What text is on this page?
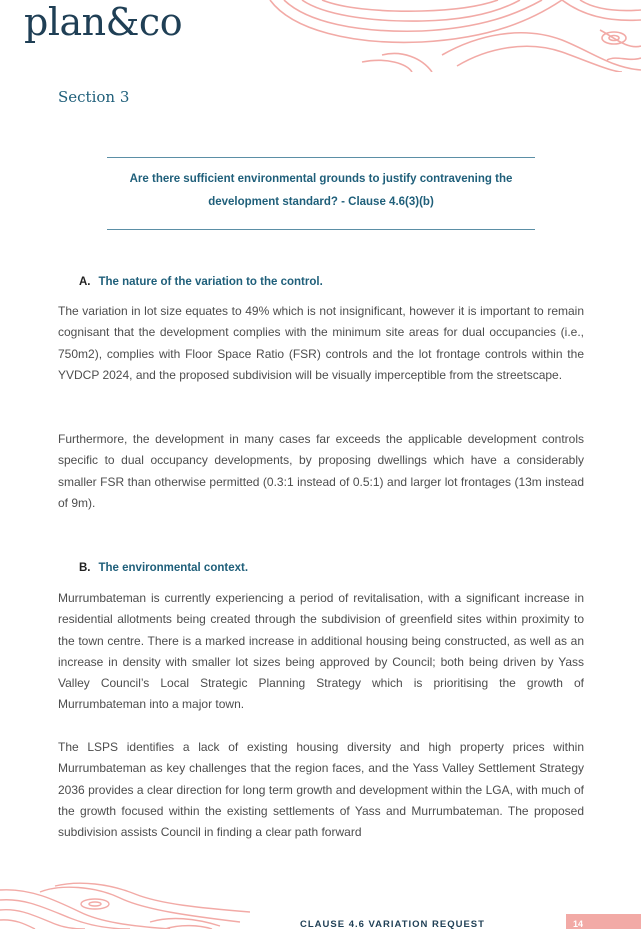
plan&co
Section 3
Are there sufficient environmental grounds to justify contravening the
development standard? - Clause 4.6(3)(b)
A. The nature of the variation to the control.
The variation in lot size equates to 49% which is not insignificant, however it is important to remain cognisant that the development complies with the minimum site areas for dual occupancies (i.e., 750m2), complies with Floor Space Ratio (FSR) controls and the lot frontage controls within the YVDCP 2024, and the proposed subdivision will be visually imperceptible from the streetscape.
Furthermore, the development in many cases far exceeds the applicable development controls specific to dual occupancy developments, by proposing dwellings which have a considerably smaller FSR than otherwise permitted (0.3:1 instead of 0.5:1) and larger lot frontages (13m instead of 9m).
B. The environmental context.
Murrumbateman is currently experiencing a period of revitalisation, with a significant increase in residential allotments being created through the subdivision of greenfield sites within proximity to the town centre. There is a marked increase in additional housing being constructed, as well as an increase in density with smaller lot sizes being approved by Council; both being driven by Yass Valley Council’s Local Strategic Planning Strategy which is prioritising the growth of Murrumbateman into a major town.
The LSPS identifies a lack of existing housing diversity and high property prices within Murrumbateman as key challenges that the region faces, and the Yass Valley Settlement Strategy 2036 provides a clear direction for long term growth and development within the LGA, with much of the growth focused within the existing settlements of Yass and Murrumbateman. The proposed subdivision assists Council in finding a clear path forward
CLAUSE 4.6 VARIATION REQUEST	14
